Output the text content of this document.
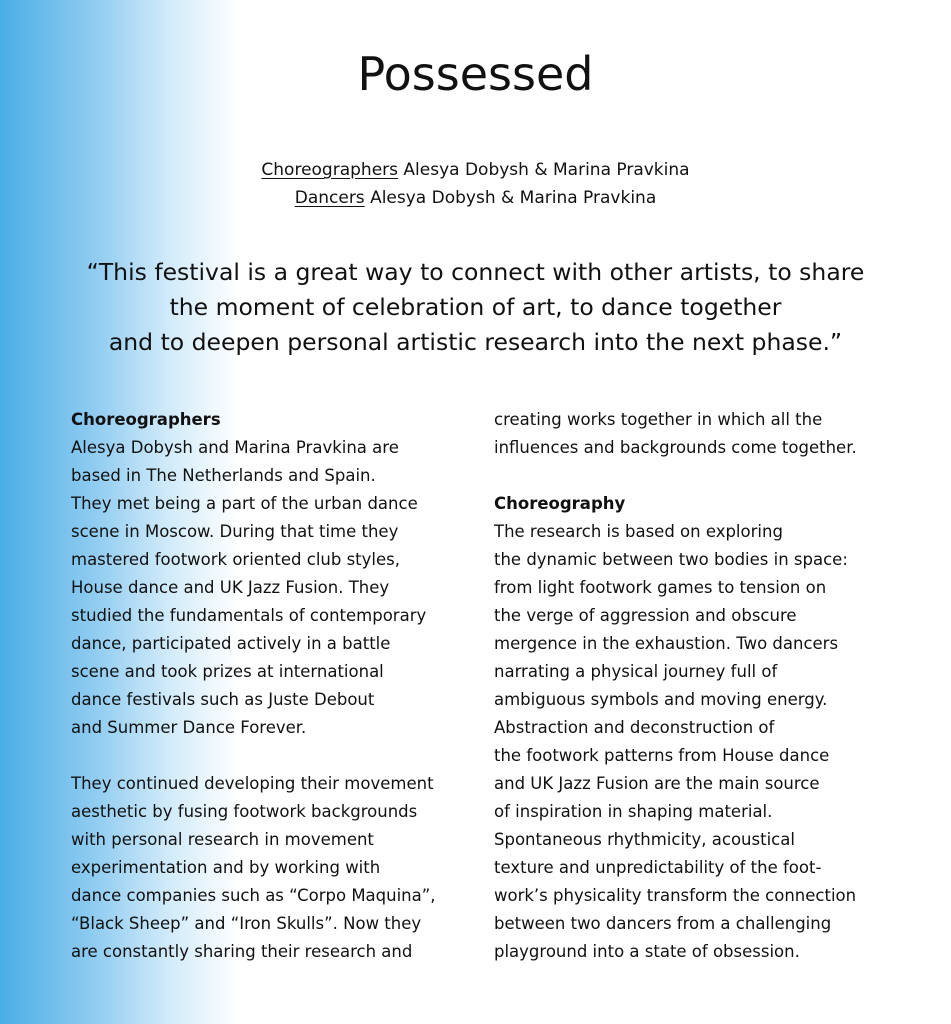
Possessed
Choreographers Alesya Dobysh & Marina Pravkina
Dancers Alesya Dobysh & Marina Pravkina
“This festival is a great way to connect with other artists, to share
the moment of celebration of art, to dance together
and to deepen personal artistic research into the next phase.”
Choreographers
Alesya Dobysh and Marina Pravkina are
based in The Netherlands and Spain.
They met being a part of the urban dance
scene in Moscow. During that time they
mastered footwork oriented club styles,
House dance and UK Jazz Fusion. They
studied the fundamentals of contemporary
dance, participated actively in a battle
scene and took prizes at international
dance festivals such as Juste Debout
and Summer Dance Forever.
They continued developing their movement
aesthetic by fusing footwork backgrounds
with personal research in movement
experimentation and by working with
dance companies such as “Corpo Maquina”,
“Black Sheep” and “Iron Skulls”. Now they
are constantly sharing their research and
creating works together in which all the
influences and backgrounds come together.
Choreography
The research is based on exploring
the dynamic between two bodies in space:
from light footwork games to tension on
the verge of aggression and obscure
mergence in the exhaustion. Two dancers
narrating a physical journey full of
ambiguous symbols and moving energy.
Abstraction and deconstruction of
the footwork patterns from House dance
and UK Jazz Fusion are the main source
of inspiration in shaping material.
Spontaneous rhythmicity, acoustical
texture and unpredictability of the foot-
work’s physicality transform the connection
between two dancers from a challenging
playground into a state of obsession.
